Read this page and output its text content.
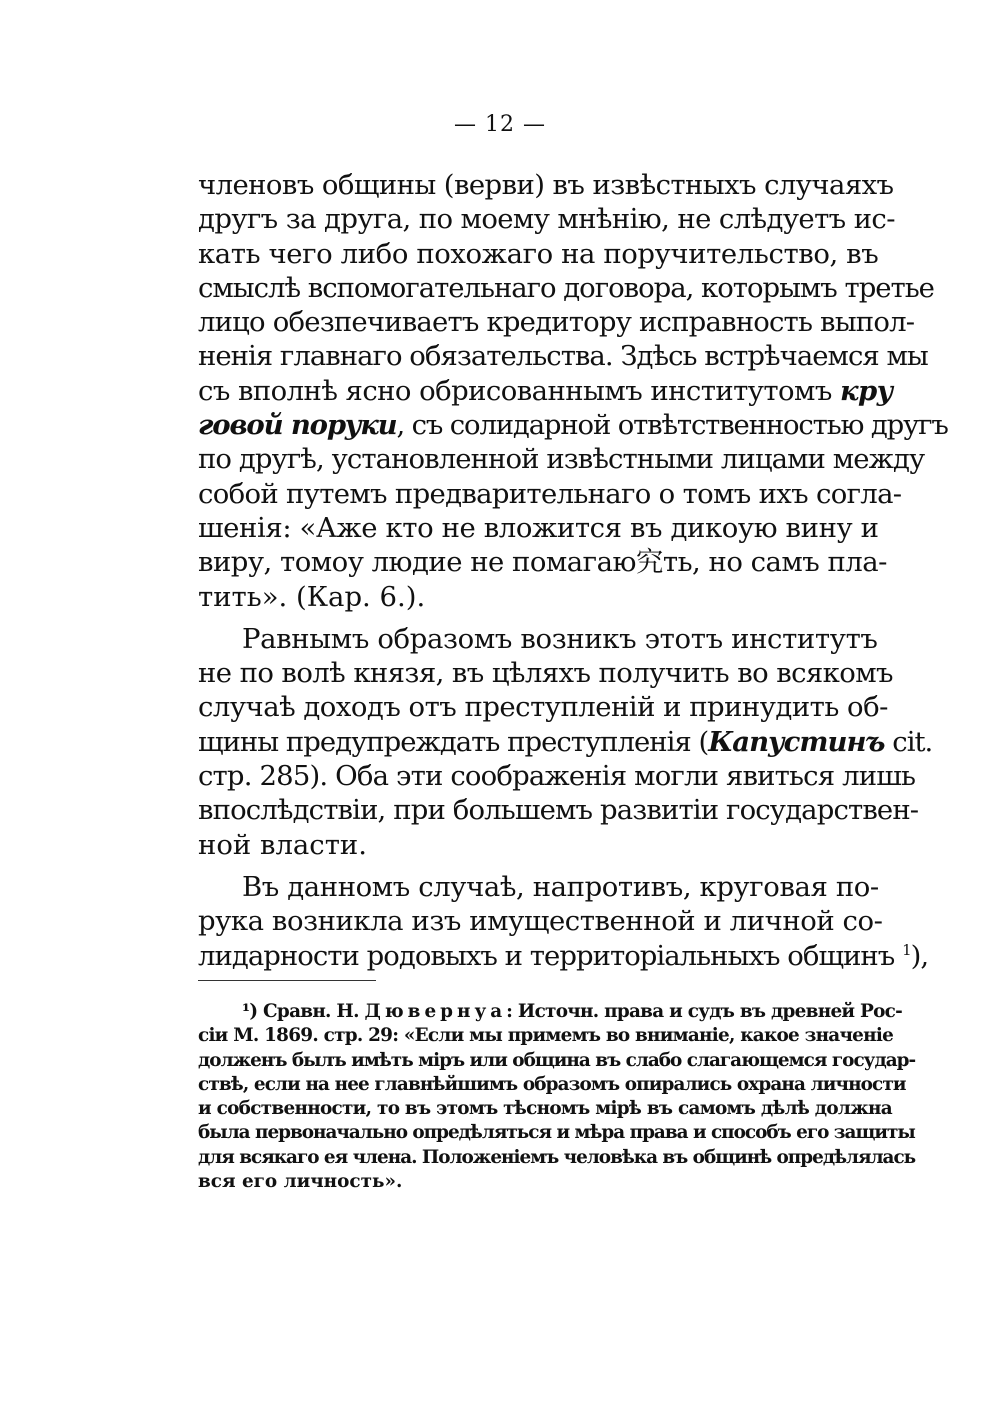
— 12 —
членовъ общины (верви) въ извѣстныхъ случаяхъ
другъ за друга, по моему мнѣнію, не слѣдуетъ ис-
кать чего либо похожаго на поручительство, въ
смыслѣ вспомогательнаго договора, которымъ третье
лицо обезпечиваетъ кредитору исправность выпол-
ненія главнаго обязательства. Здѣсь встрѣчаемся мы
съ вполнѣ ясно обрисованнымъ институтомъ кру
говой поруки, съ солидарной отвѣтственностью другъ
по другѣ, установленной извѣстными лицами между
собой путемъ предварительнаго о томъ ихъ согла-
шенія: «Аже кто не вложится въ дикоую вину и
виру, томоу людие не помагаю究ть, но самъ пла-
тить». (Кар. 6.).
Равнымъ образомъ возникъ этотъ институтъ
не по волѣ князя, въ цѣляхъ получить во всякомъ
случаѣ доходъ отъ преступленій и принудить об-
щины предупреждать преступленія (Капустинъ cit.
стр. 285). Оба эти соображенія могли явиться лишь
впослѣдствіи, при большемъ развитіи государствен-
ной власти.
Въ данномъ случаѣ, напротивъ, круговая по-
рука возникла изъ имущественной и личной со-
лидарности родовыхъ и территоріальныхъ общинъ $^1$),
¹) Сравн. Н. Дювернуа: Источн. права и судъ въ древней Рос-
сіи М. 1869. стр. 29: «Если мы примемъ во вниманіе, какое значеніе
долженъ былъ имѣть міръ или община въ слабо слагающемся государ-
ствѣ, если на нее главнѣйшимъ образомъ опирались охрана личности
и собственности, то въ этомъ тѣсномъ мірѣ въ самомъ дѣлѣ должна
была первоначально опредѣляться и мѣра права и способъ его защиты
для всякаго ея члена. Положеніемъ человѣка въ общинѣ опредѣлялась
вся его личность».
